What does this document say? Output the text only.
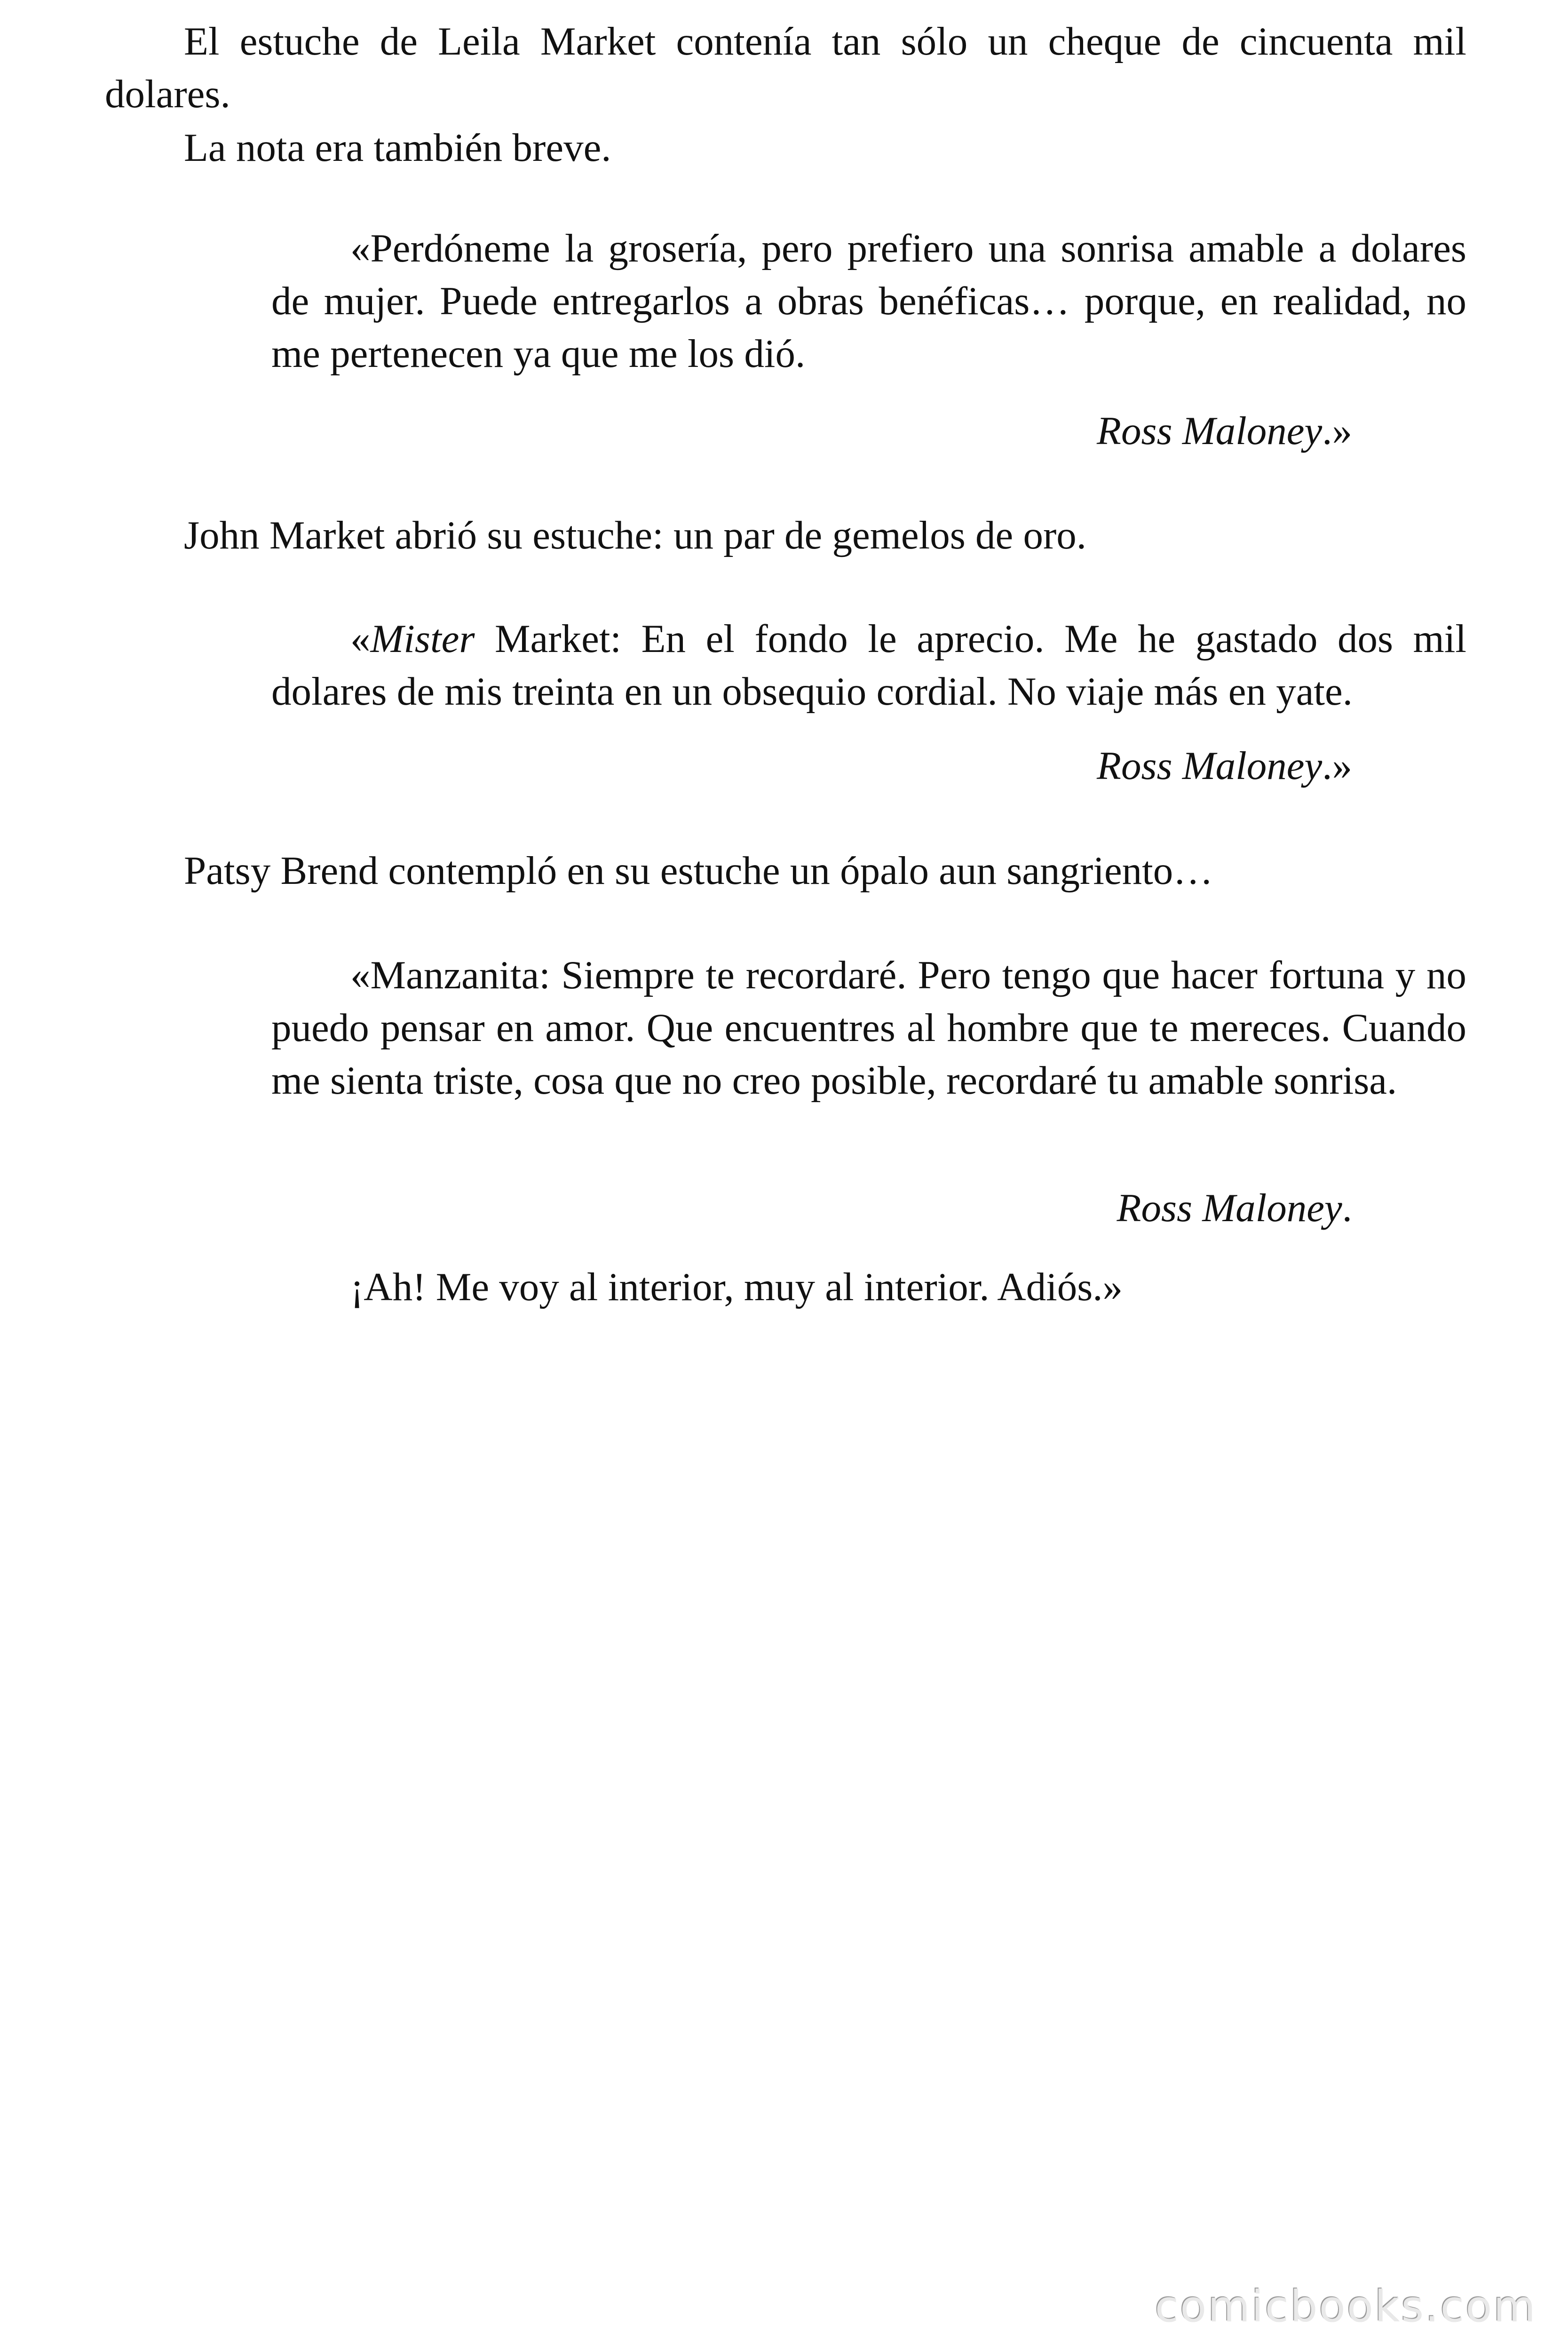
El estuche de Leila Market contenía tan sólo un cheque de cincuenta mil dolares.

La nota era también breve.

«Perdóneme la grosería, pero prefiero una sonrisa amable a dolares de mujer. Puede entregarlos a obras benéficas… porque, en realidad, no me pertenecen ya que me los dió.

Ross Maloney.»

John Market abrió su estuche: un par de gemelos de oro.

«Mister Market: En el fondo le aprecio. Me he gastado dos mil dolares de mis treinta en un obsequio cordial. No viaje más en yate.

Ross Maloney.»

Patsy Brend contempló en su estuche un ópalo aun sangriento…

«Manzanita: Siempre te recordaré. Pero tengo que hacer fortuna y no puedo pensar en amor. Que encuentres al hombre que te mereces. Cuando me sienta triste, cosa que no creo posible, recordaré tu amable sonrisa.

Ross Maloney.

¡Ah! Me voy al interior, muy al interior. Adiós.»

comicbooks.com
